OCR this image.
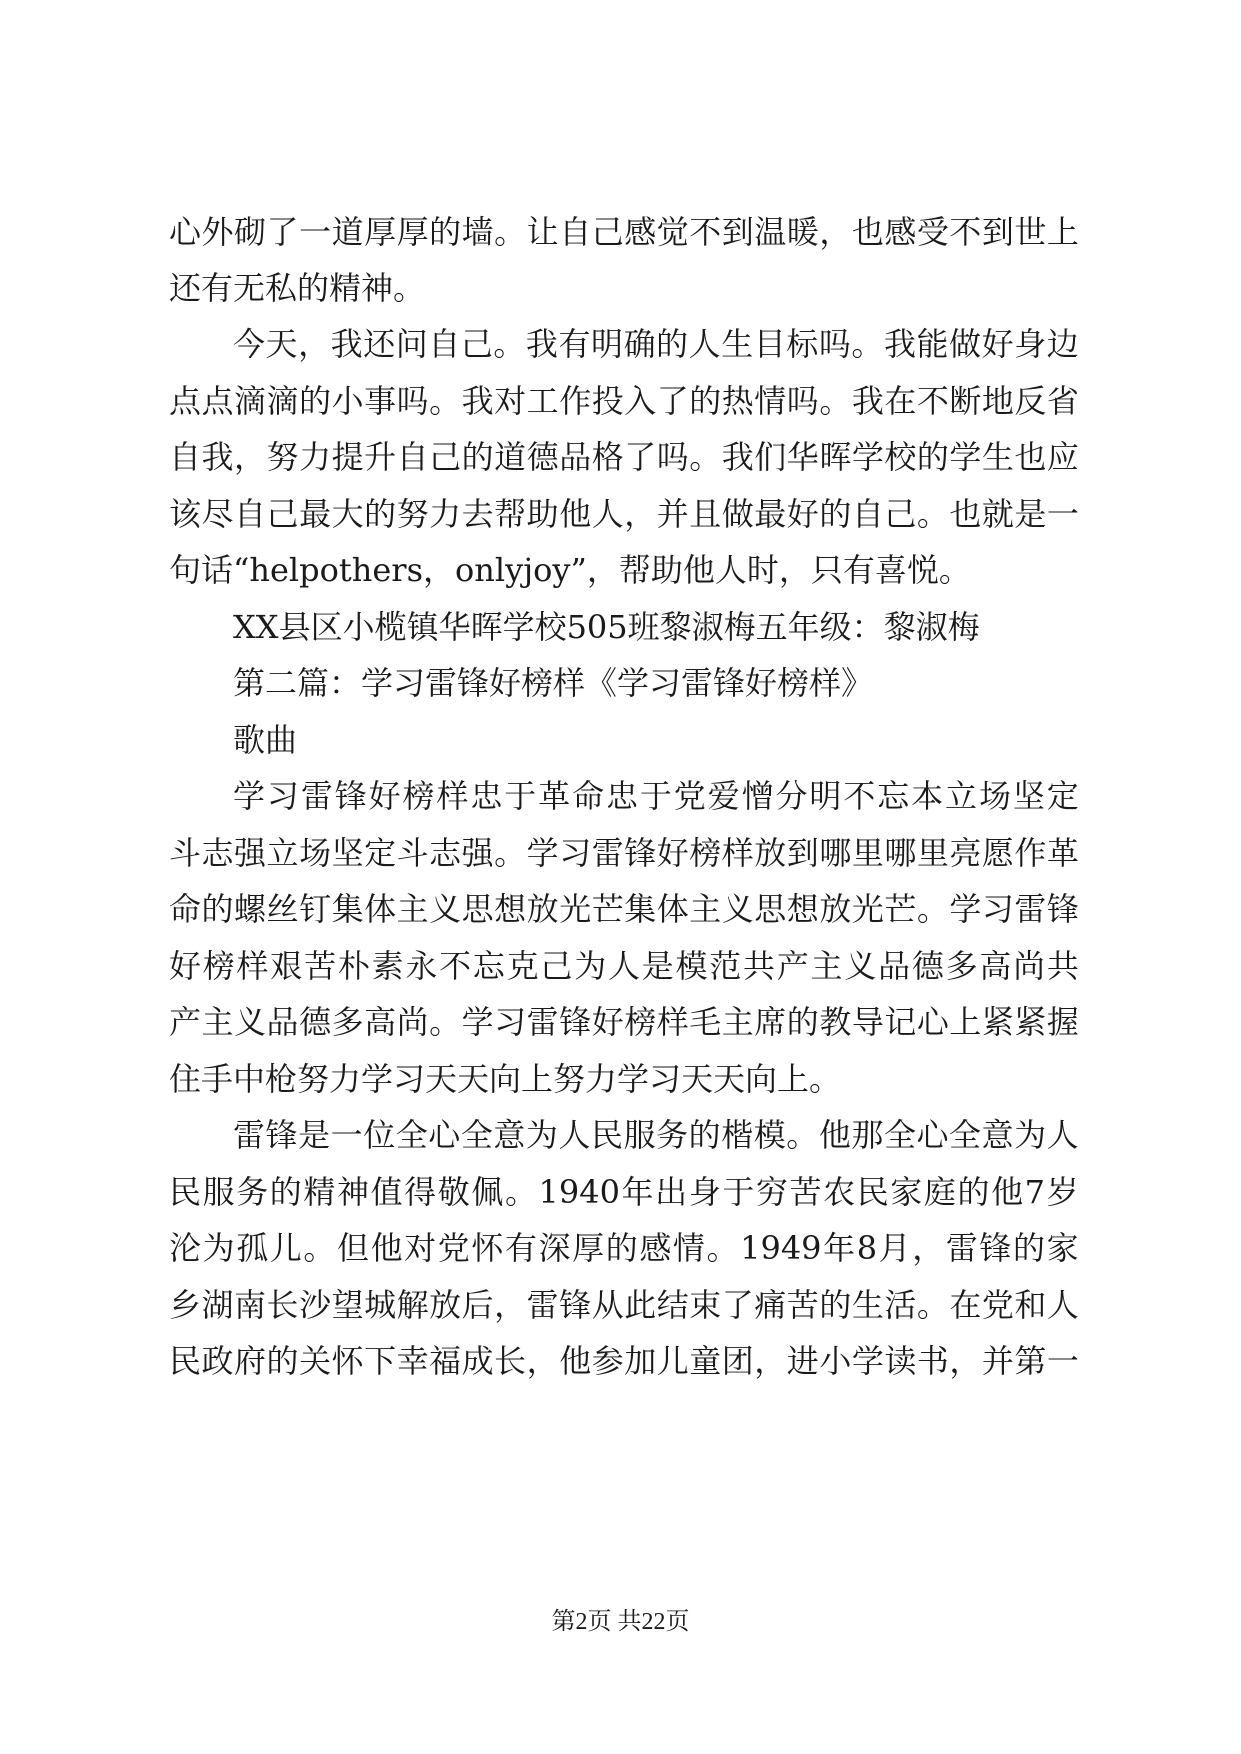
心 外 砌 了 一 道 厚 厚 的 墙 。 让 自 己 感 觉 不 到 温 暖 ， 也 感 受 不 到 世 上
还有无私的精神。
今 天 ， 我 还 问 自 己 。 我 有 明 确 的 人 生 目 标 吗 。 我 能 做 好 身 边
点 点 滴 滴 的 小 事 吗 。 我 对 工 作 投 入 了 的 热 情 吗 。 我 在 不 断 地 反 省
自 我 ， 努 力 提 升 自 己 的 道 德 品 格 了 吗 。 我 们 华 晖 学 校 的 学 生 也 应
该 尽 自 己 最 大 的 努 力 去 帮 助 他 人 ， 并 且 做 最 好 的 自 己 。 也 就 是 一
句话“helpothers，onlyjoy”，帮助他人时，只有喜悦。
XX县区小榄镇华晖学校505班黎淑梅五年级：黎淑梅
第二篇：学习雷锋好榜样《学习雷锋好榜样》
歌曲
学 习 雷 锋 好 榜 样 忠 于 革 命 忠 于 党 爱 憎 分 明 不 忘 本 立 场 坚 定
斗 志 强 立 场 坚 定 斗 志 强 。 学 习 雷 锋 好 榜 样 放 到 哪 里 哪 里 亮 愿 作 革
命 的 螺 丝 钉 集 体 主 义 思 想 放 光 芒 集 体 主 义 思 想 放 光 芒 。 学 习 雷 锋
好 榜 样 艰 苦 朴 素 永 不 忘 克 己 为 人 是 模 范 共 产 主 义 品 德 多 高 尚 共
产 主 义 品 德 多 高 尚 。 学 习 雷 锋 好 榜 样 毛 主 席 的 教 导 记 心 上 紧 紧 握
住手中枪努力学习天天向上努力学习天天向上。
雷 锋 是 一 位 全 心 全 意 为 人 民 服 务 的 楷 模 。 他 那 全 心 全 意 为 人
民 服 务 的 精 神 值 得 敬 佩 。 1940 年 出 身 于 穷 苦 农 民 家 庭 的 他 7 岁
沦 为 孤 儿 。 但 他 对 党 怀 有 深 厚 的 感 情 。 1949 年 8 月 ， 雷 锋 的 家
乡 湖 南 长 沙 望 城 解 放 后 ， 雷 锋 从 此 结 束 了 痛 苦 的 生 活 。 在 党 和 人
民 政 府 的 关 怀 下 幸 福 成 长 ， 他 参 加 儿 童 团 ， 进 小 学 读 书 ， 并 第 一
第2页 共22页
